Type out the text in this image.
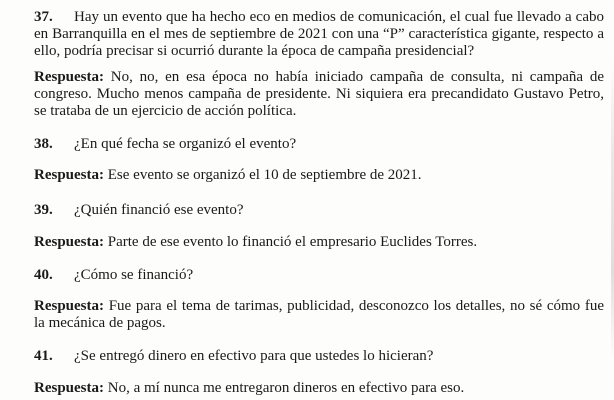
37. Hay un evento que ha hecho eco en medios de comunicación, el cual fue llevado a cabo en Barranquilla en el mes de septiembre de 2021 con una “P” característica gigante, respecto a ello, podría precisar si ocurrió durante la época de campaña presidencial?
Respuesta: No, no, en esa época no había iniciado campaña de consulta, ni campaña de congreso. Mucho menos campaña de presidente. Ni siquiera era precandidato Gustavo Petro, se trataba de un ejercicio de acción política.
38. ¿En qué fecha se organizó el evento?
Respuesta: Ese evento se organizó el 10 de septiembre de 2021.
39. ¿Quién financió ese evento?
Respuesta: Parte de ese evento lo financió el empresario Euclides Torres.
40. ¿Cómo se financió?
Respuesta: Fue para el tema de tarimas, publicidad, desconozco los detalles, no sé cómo fue la mecánica de pagos.
41. ¿Se entregó dinero en efectivo para que ustedes lo hicieran?
Respuesta: No, a mí nunca me entregaron dineros en efectivo para eso.
